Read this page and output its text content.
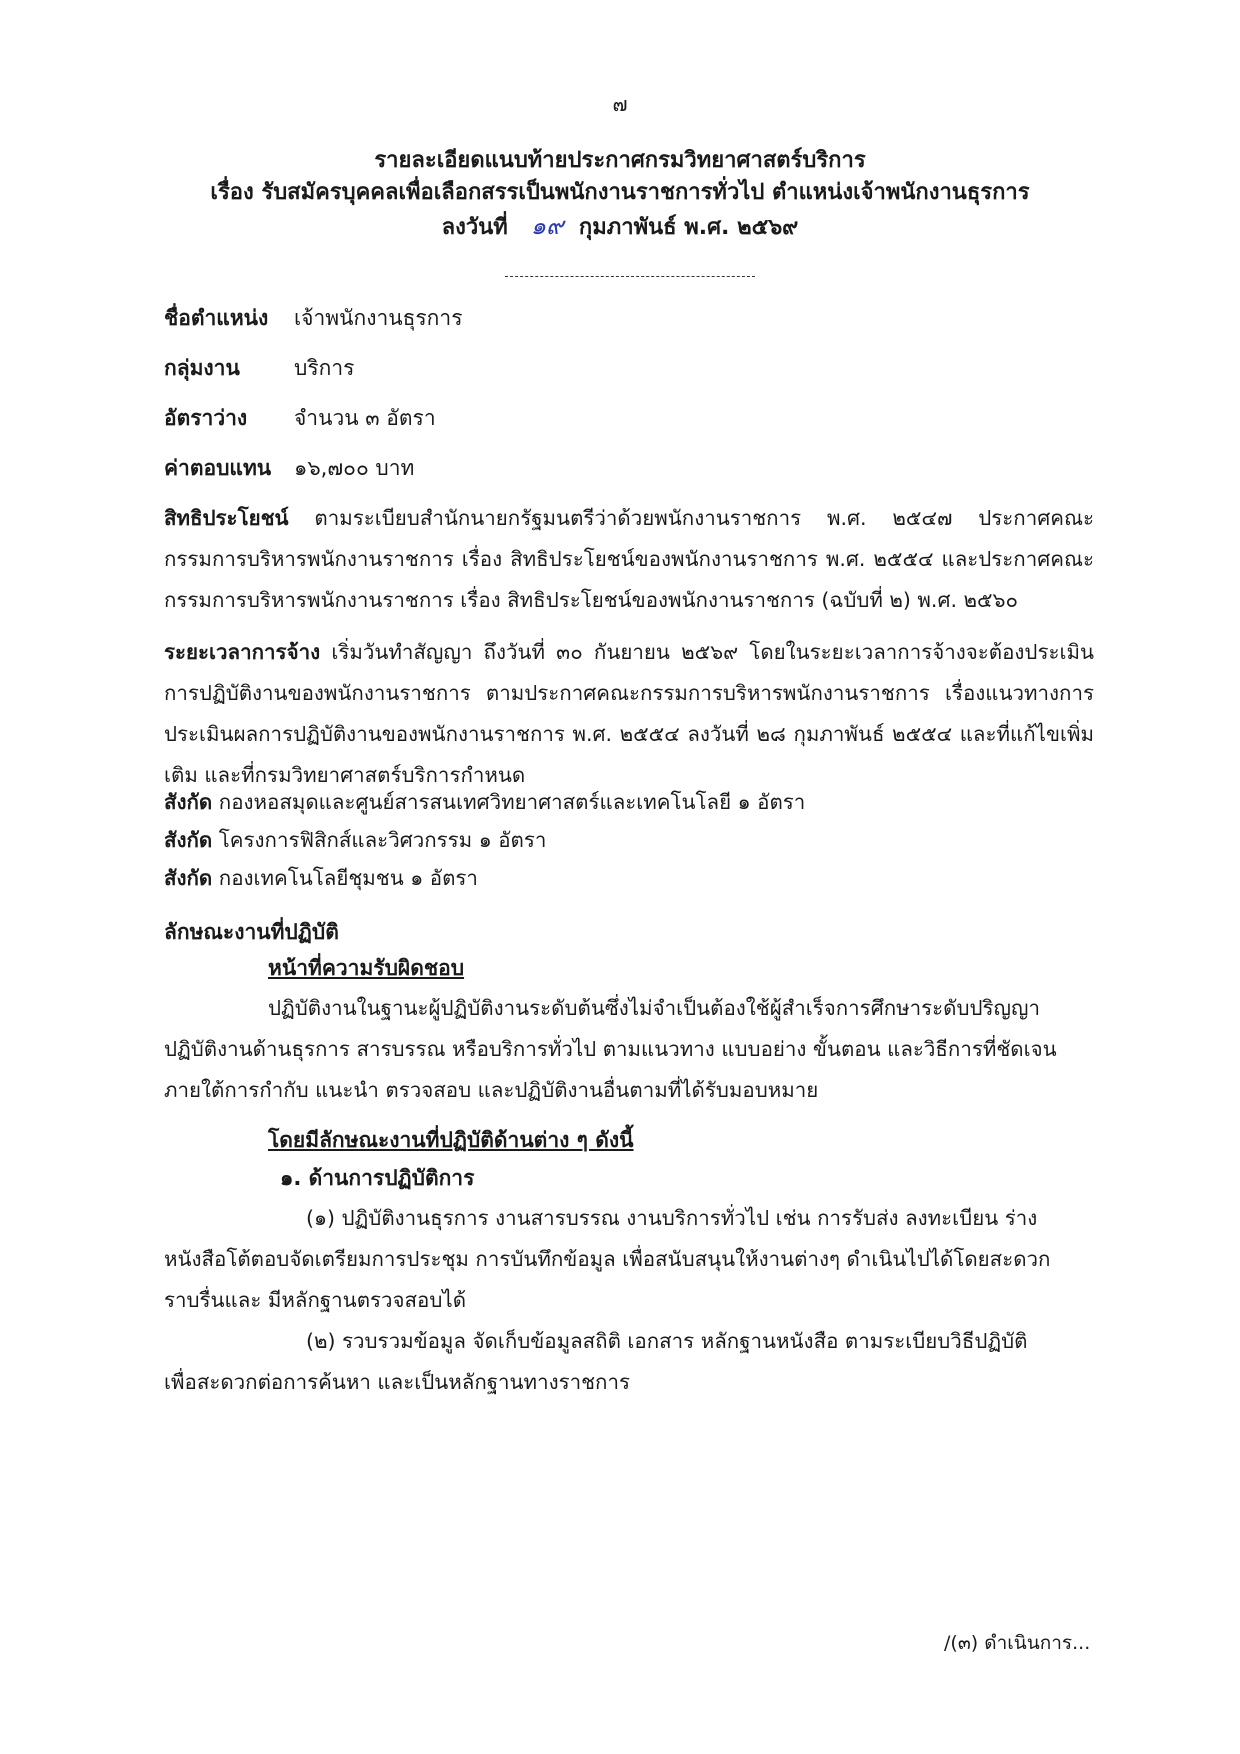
๗
รายละเอียดแนบท้ายประกาศกรมวิทยาศาสตร์บริการ
เรื่อง รับสมัครบุคคลเพื่อเลือกสรรเป็นพนักงานราชการทั่วไป ตำแหน่งเจ้าพนักงานธุรการ
ลงวันที่ ๑๙ กุมภาพันธ์ พ.ศ. ๒๕๖๙
ชื่อตำแหน่ง เจ้าพนักงานธุรการ
กลุ่มงาน	บริการ
อัตราว่าง จำนวน ๓ อัตรา
ค่าตอบแทน ๑๖,๗๐๐ บาท
สิทธิประโยชน์ ตามระเบียบสำนักนายกรัฐมนตรีว่าด้วยพนักงานราชการ พ.ศ. ๒๕๔๗ ประกาศคณะกรรมการบริหารพนักงานราชการ เรื่อง สิทธิประโยชน์ของพนักงานราชการ พ.ศ. ๒๕๕๔ และประกาศคณะกรรมการบริหารพนักงานราชการ เรื่อง สิทธิประโยชน์ของพนักงานราชการ (ฉบับที่ ๒) พ.ศ. ๒๕๖๐
ระยะเวลาการจ้าง เริ่มวันทำสัญญา ถึงวันที่ ๓๐ กันยายน ๒๕๖๙ โดยในระยะเวลาการจ้างจะต้องประเมินการปฏิบัติงานของพนักงานราชการ ตามประกาศคณะกรรมการบริหารพนักงานราชการ เรื่องแนวทางการประเมินผลการปฏิบัติงานของพนักงานราชการ พ.ศ. ๒๕๕๔ ลงวันที่ ๒๘ กุมภาพันธ์ ๒๕๕๔ และที่แก้ไขเพิ่มเติม และที่กรมวิทยาศาสตร์บริการกำหนด
สังกัด กองหอสมุดและศูนย์สารสนเทศวิทยาศาสตร์และเทคโนโลยี ๑ อัตรา
สังกัด โครงการฟิสิกส์และวิศวกรรม ๑ อัตรา
สังกัด กองเทคโนโลยีชุมชน ๑ อัตรา
ลักษณะงานที่ปฏิบัติ
หน้าที่ความรับผิดชอบ
ปฏิบัติงานในฐานะผู้ปฏิบัติงานระดับต้นซึ่งไม่จำเป็นต้องใช้ผู้สำเร็จการศึกษาระดับปริญญา
ปฏิบัติงานด้านธุรการ สารบรรณ หรือบริการทั่วไป ตามแนวทาง แบบอย่าง ขั้นตอน และวิธีการที่ชัดเจน
ภายใต้การกำกับ แนะนำ ตรวจสอบ และปฏิบัติงานอื่นตามที่ได้รับมอบหมาย
โดยมีลักษณะงานที่ปฏิบัติด้านต่าง ๆ ดังนี้
๑. ด้านการปฏิบัติการ
(๑) ปฏิบัติงานธุรการ งานสารบรรณ งานบริการทั่วไป เช่น การรับส่ง ลงทะเบียน ร่าง
หนังสือโต้ตอบจัดเตรียมการประชุม การบันทึกข้อมูล เพื่อสนับสนุนให้งานต่างๆ ดำเนินไปได้โดยสะดวก
ราบรื่นและ มีหลักฐานตรวจสอบได้
(๒) รวบรวมข้อมูล จัดเก็บข้อมูลสถิติ เอกสาร หลักฐานหนังสือ ตามระเบียบวิธีปฏิบัติ
เพื่อสะดวกต่อการค้นหา และเป็นหลักฐานทางราชการ
/(๓) ดำเนินการ...
